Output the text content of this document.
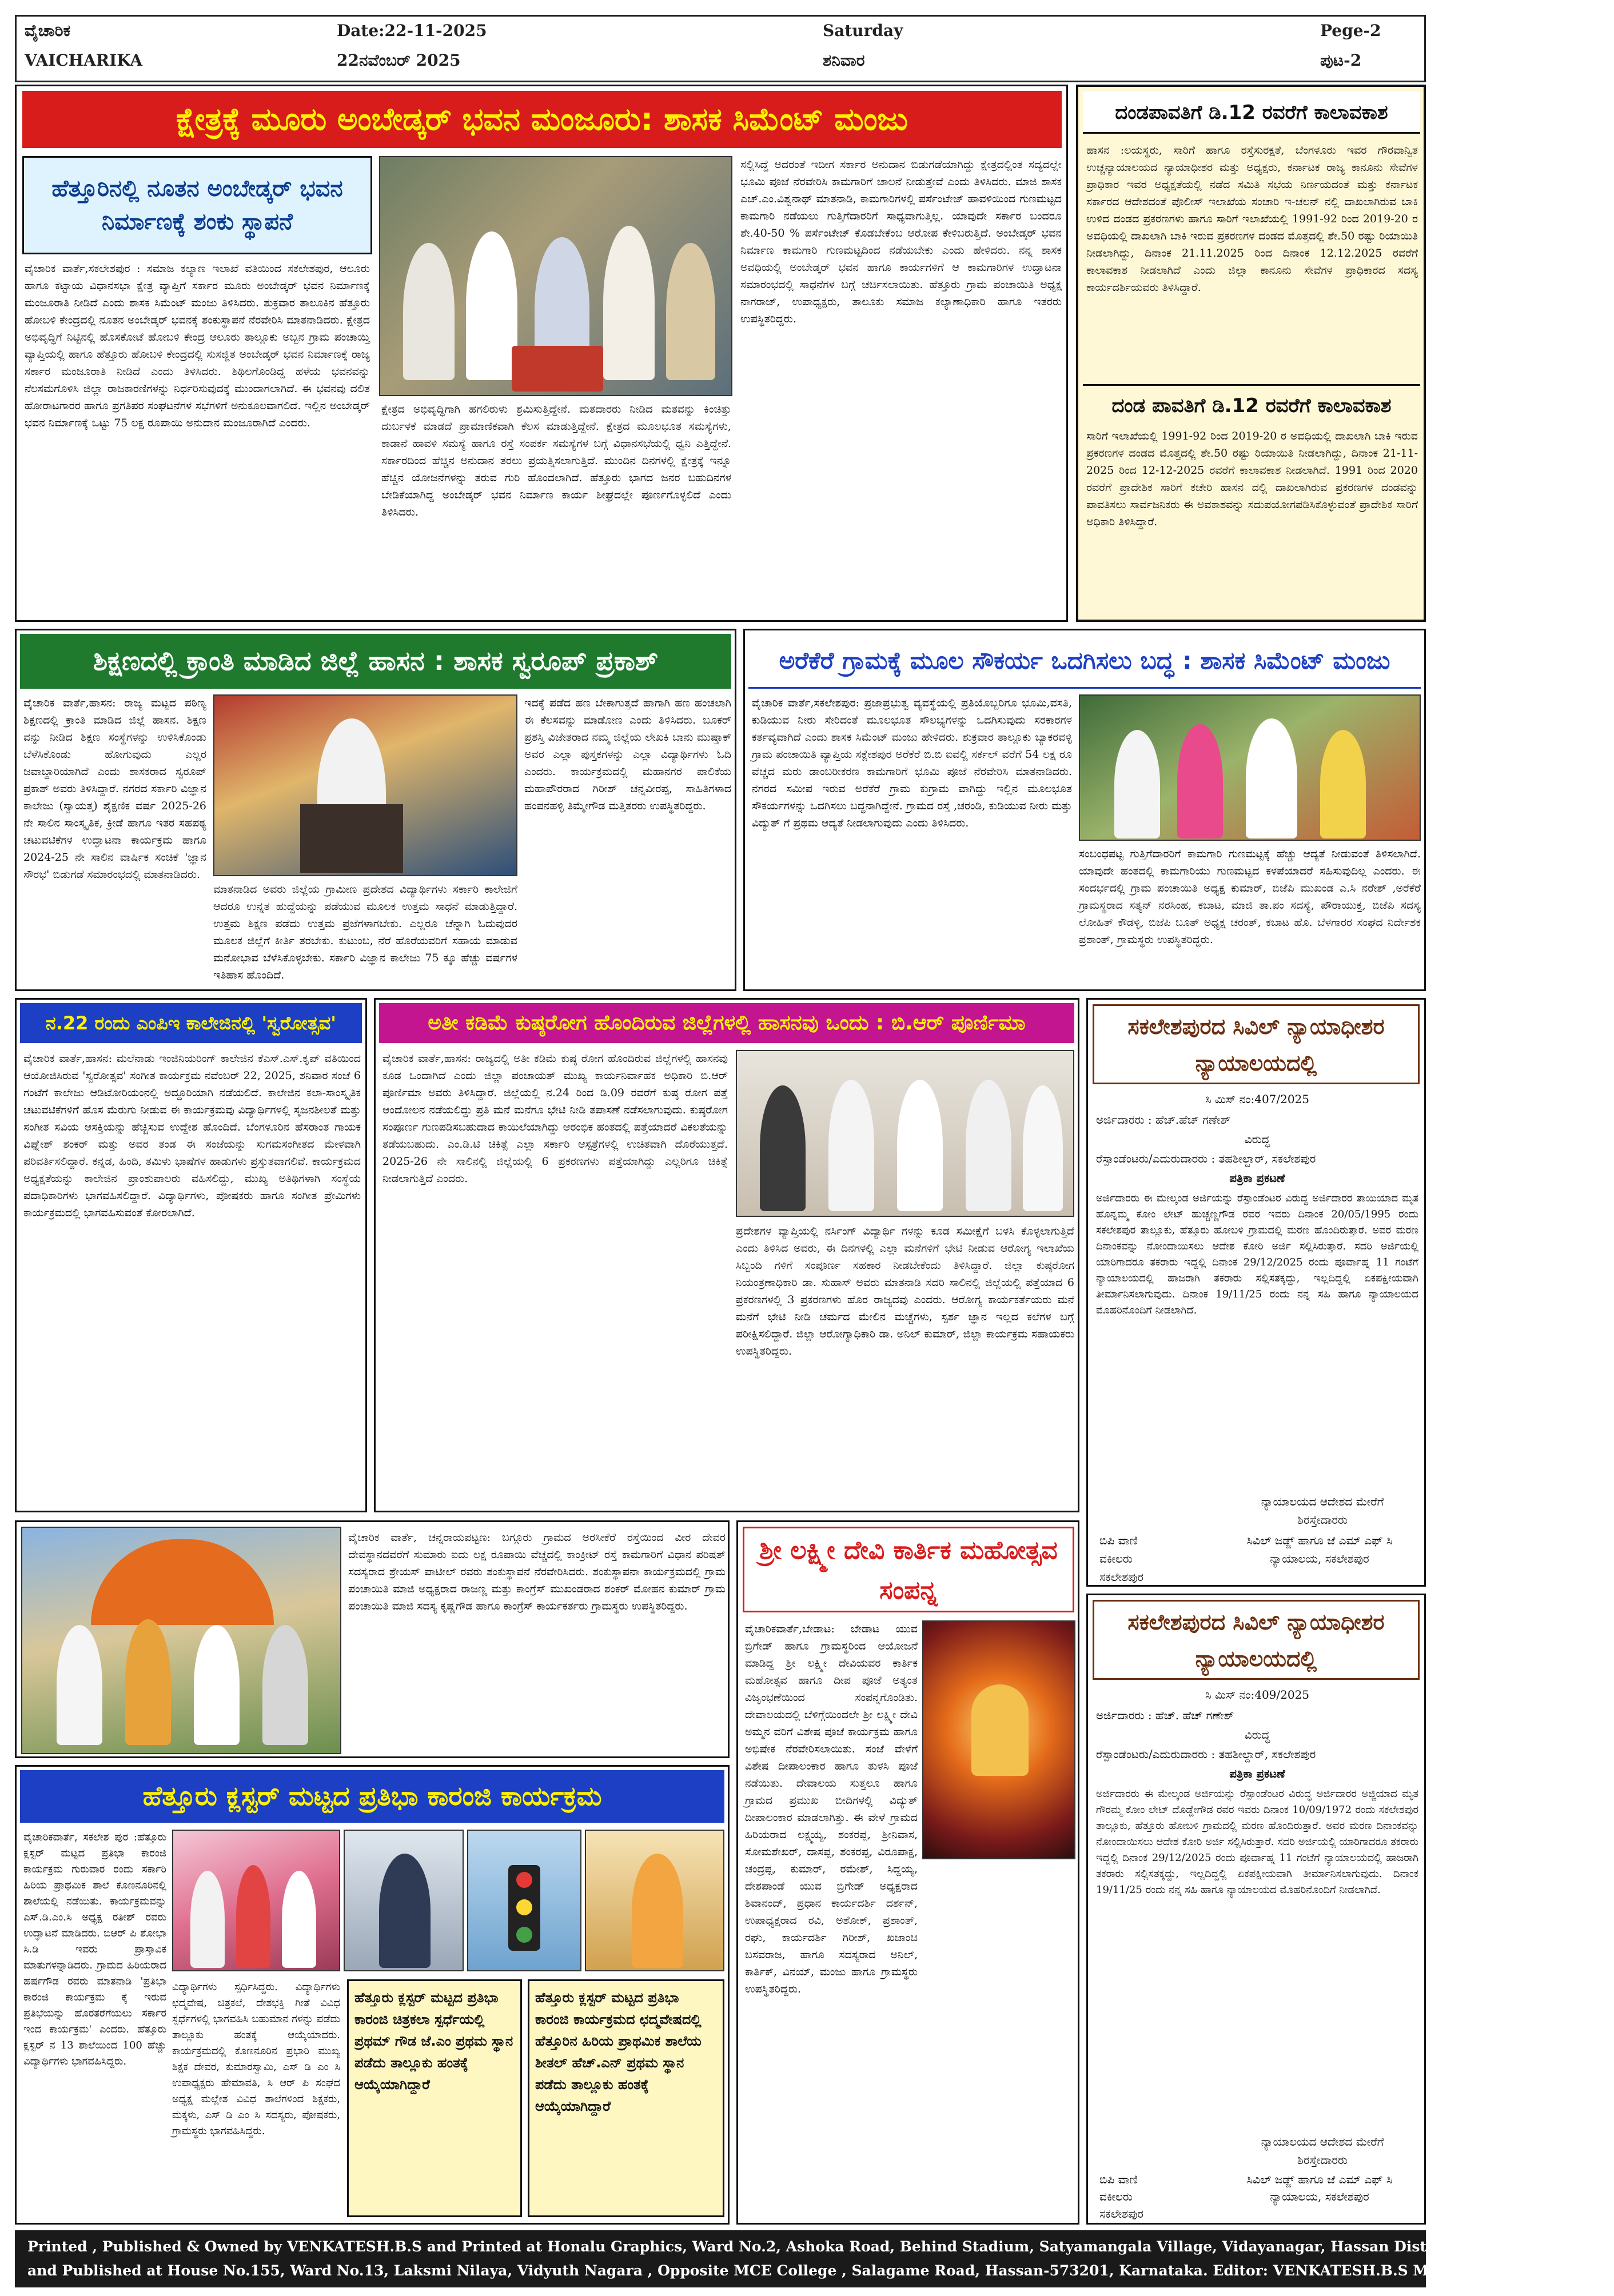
ವೈಚಾರಿಕ
VAICHARIKA
Date:22-11-2025
22ನವೆಂಬರ್ 2025
Saturday
ಶನಿವಾರ
Pege-2
ಪುಟ-2
ಕ್ಷೇತ್ರಕ್ಕೆ ಮೂರು ಅಂಬೇಡ್ಕರ್ ಭವನ ಮಂಜೂರು: ಶಾಸಕ ಸಿಮೆಂಟ್ ಮಂಜು
ಹೆತ್ತೂರಿನಲ್ಲಿ ನೂತನ ಅಂಬೇಡ್ಕರ್ ಭವನ ನಿರ್ಮಾಣಕ್ಕೆ ಶಂಕು ಸ್ಥಾಪನೆ
ವೈಚಾರಿಕ ವಾರ್ತೆ,ಸಕಲೇಶಪುರ : ಸಮಾಜ ಕಲ್ಯಾಣ ಇಲಾಖೆ ವತಿಯಿಂದ ಸಕಲೇಶಪುರ, ಆಲೂರು ಹಾಗೂ ಕಟ್ಟಾಯ ವಿಧಾನಸಭಾ ಕ್ಷೇತ್ರ ವ್ಯಾಪ್ತಿಗೆ ಸರ್ಕಾರ ಮೂರು ಅಂಬೇಡ್ಕರ್ ಭವನ ನಿರ್ಮಾಣಕ್ಕೆ ಮಂಜೂರಾತಿ ನೀಡಿದೆ ಎಂದು ಶಾಸಕ ಸಿಮೆಂಟ್ ಮಂಜು ತಿಳಿಸಿದರು. ಶುಕ್ರವಾರ ತಾಲೂಕಿನ ಹೆತ್ತೂರು ಹೋಬಳಿ ಕೇಂದ್ರದಲ್ಲಿ ನೂತನ ಅಂಬೇಡ್ಕರ್ ಭವನಕ್ಕೆ ಶಂಕುಸ್ಥಾಪನೆ ನೆರವೇರಿಸಿ ಮಾತನಾಡಿದರು. ಕ್ಷೇತ್ರದ ಅಭಿವೃದ್ಧಿಗೆ ನಿಟ್ಟಿನಲ್ಲಿ ಹೊಸಕೋಟೆ ಹೋಬಳಿ ಕೇಂದ್ರ ಆಲೂರು ತಾಲ್ಲೂಕು ಅಬ್ಬನ ಗ್ರಾಮ ಪಂಚಾಯ್ತಿ ವ್ಯಾಪ್ತಿಯಲ್ಲಿ ಹಾಗೂ ಹೆತ್ತೂರು ಹೋಬಳಿ ಕೇಂದ್ರದಲ್ಲಿ ಸುಸಜ್ಜಿತ ಅಂಬೇಡ್ಕರ್ ಭವನ ನಿರ್ಮಾಣಕ್ಕೆ ರಾಜ್ಯ ಸರ್ಕಾರ ಮಂಜೂರಾತಿ ನೀಡಿದೆ ಎಂದು ತಿಳಿಸಿದರು. ಶಿಥಿಲಗೊಂಡಿದ್ದ ಹಳೆಯ ಭವನವನ್ನು ನೆಲಸಮಗೊಳಿಸಿ ಜಿಲ್ಲಾ ರಾಜಕಾರಣಿಗಳನ್ನು ನಿರ್ಧರಿಸುವುದಕ್ಕೆ ಮುಂದಾಗಲಾಗಿದೆ. ಈ ಭವನವು ದಲಿತ ಹೋರಾಟಗಾರರ ಹಾಗೂ ಪ್ರಗತಿಪರ ಸಂಘಟನೆಗಳ ಸಭೆಗಳಿಗೆ ಅನುಕೂಲವಾಗಲಿದೆ. ಇಲ್ಲಿನ ಅಂಬೇಡ್ಕರ್ ಭವನ ನಿರ್ಮಾಣಕ್ಕೆ ಒಟ್ಟು 75 ಲಕ್ಷ ರೂಪಾಯಿ ಅನುದಾನ ಮಂಜೂರಾಗಿದೆ ಎಂದರು.
ಕ್ಷೇತ್ರದ ಅಭಿವೃದ್ಧಿಗಾಗಿ ಹಗಲಿರುಳು ಶ್ರಮಿಸುತ್ತಿದ್ದೇನೆ. ಮತದಾರರು ನೀಡಿದ ಮತವನ್ನು ಕಿಂಚಿತ್ತು ದುರ್ಬಳಕೆ ಮಾಡದೆ ಪ್ರಾಮಾಣಿಕವಾಗಿ ಕೆಲಸ ಮಾಡುತ್ತಿದ್ದೇನೆ. ಕ್ಷೇತ್ರದ ಮೂಲಭೂತ ಸಮಸ್ಯೆಗಳು, ಕಾಡಾನೆ ಹಾವಳಿ ಸಮಸ್ಯೆ ಹಾಗೂ ರಸ್ತೆ ಸಂಪರ್ಕ ಸಮಸ್ಯೆಗಳ ಬಗ್ಗೆ ವಿಧಾನಸಭೆಯಲ್ಲಿ ಧ್ವನಿ ಎತ್ತಿದ್ದೇನೆ. ಸರ್ಕಾರದಿಂದ ಹೆಚ್ಚಿನ ಅನುದಾನ ತರಲು ಪ್ರಯತ್ನಿಸಲಾಗುತ್ತಿದೆ. ಮುಂದಿನ ದಿನಗಳಲ್ಲಿ ಕ್ಷೇತ್ರಕ್ಕೆ ಇನ್ನೂ ಹೆಚ್ಚಿನ ಯೋಜನೆಗಳನ್ನು ತರುವ ಗುರಿ ಹೊಂದಲಾಗಿದೆ. ಹೆತ್ತೂರು ಭಾಗದ ಜನರ ಬಹುದಿನಗಳ ಬೇಡಿಕೆಯಾಗಿದ್ದ ಅಂಬೇಡ್ಕರ್ ಭವನ ನಿರ್ಮಾಣ ಕಾರ್ಯ ಶೀಘ್ರದಲ್ಲೇ ಪೂರ್ಣಗೊಳ್ಳಲಿದೆ ಎಂದು ತಿಳಿಸಿದರು.
ಸಲ್ಲಿಸಿದ್ದೆ ಅದರಂತೆ ಇದೀಗ ಸರ್ಕಾರ ಅನುದಾನ ಬಿಡುಗಡೆಯಾಗಿದ್ದು ಕ್ಷೇತ್ರದಲ್ಲಿಂತ ಸದ್ಯದಲ್ಲೇ ಭೂಮಿ ಪೂಜೆ ನೆರವೇರಿಸಿ ಕಾಮಗಾರಿಗೆ ಚಾಲನೆ ನೀಡುತ್ತೇವೆ ಎಂದು ತಿಳಿಸಿದರು. ಮಾಜಿ ಶಾಸಕ ಎಚ್.ಎಂ.ವಿಶ್ವನಾಥ್ ಮಾತನಾಡಿ, ಕಾಮಗಾರಿಗಳಲ್ಲಿ ಪರ್ಸೆಂಟೇಜ್ ಹಾವಳಿಯಿಂದ ಗುಣಮಟ್ಟದ ಕಾಮಗಾರಿ ನಡೆಯಲು ಗುತ್ತಿಗೆದಾರರಿಗೆ ಸಾಧ್ಯವಾಗುತ್ತಿಲ್ಲ. ಯಾವುದೇ ಸರ್ಕಾರ ಬಂದರೂ ಶೇ.40-50 % ಪರ್ಸೆಂಟೇಜ್ ಕೊಡಬೇಕೆಂಬ ಆರೋಪ ಕೇಳಿಬರುತ್ತಿದೆ. ಅಂಬೇಡ್ಕರ್ ಭವನ ನಿರ್ಮಾಣ ಕಾಮಗಾರಿ ಗುಣಮಟ್ಟದಿಂದ ನಡೆಯಬೇಕು ಎಂದು ಹೇಳಿದರು. ನನ್ನ ಶಾಸಕ ಅವಧಿಯಲ್ಲಿ ಅಂಬೇಡ್ಕರ್ ಭವನ ಹಾಗೂ ಕಾರ್ಯಗಳಿಗೆ ಆ ಕಾಮಗಾರಿಗಳ ಉದ್ಘಾಟನಾ ಸಮಾರಂಭದಲ್ಲಿ ಸಾಧನೆಗಳ ಬಗ್ಗೆ ಚರ್ಚಿಸಲಾಯಿತು. ಹೆತ್ತೂರು ಗ್ರಾಮ ಪಂಚಾಯಿತಿ ಅಧ್ಯಕ್ಷ ನಾಗರಾಜ್, ಉಪಾಧ್ಯಕ್ಷರು, ತಾಲೂಕು ಸಮಾಜ ಕಲ್ಯಾಣಾಧಿಕಾರಿ ಹಾಗೂ ಇತರರು ಉಪಸ್ಥಿತರಿದ್ದರು.
ದಂಡಪಾವತಿಗೆ ಡಿ.12 ರವರೆಗೆ ಕಾಲಾವಕಾಶ
ಹಾಸನ :ಲಯಸ್ಥರು, ಸಾರಿಗೆ ಹಾಗೂ ರಸ್ತೆಸುರಕ್ಷತೆ, ಬೆಂಗಳೂರು ಇವರ ಗೌರವಾನ್ವಿತ ಉಚ್ಚನ್ಯಾಯಾಲಯದ ನ್ಯಾಯಾಧೀಶರ ಮತ್ತು ಅಧ್ಯಕ್ಷರು, ಕರ್ನಾಟಕ ರಾಜ್ಯ ಕಾನೂನು ಸೇವೆಗಳ ಪ್ರಾಧಿಕಾರ ಇವರ ಅಧ್ಯಕ್ಷತೆಯಲ್ಲಿ ನಡೆದ ಸಮಿತಿ ಸಭೆಯ ನಿರ್ಣಯದಂತೆ ಮತ್ತು ಕರ್ನಾಟಕ ಸರ್ಕಾರದ ಆದೇಶದಂತೆ ಪೊಲೀಸ್ ಇಲಾಖೆಯ ಸಂಚಾರಿ ಇ-ಚಲನ್ ನಲ್ಲಿ ದಾಖಲಾಗಿರುವ ಬಾಕಿ ಉಳಿದ ದಂಡದ ಪ್ರಕರಣಗಳು ಹಾಗೂ ಸಾರಿಗೆ ಇಲಾಖೆಯಲ್ಲಿ 1991-92 ರಿಂದ 2019-20 ರ ಅವಧಿಯಲ್ಲಿ ದಾಖಲಾಗಿ ಬಾಕಿ ಇರುವ ಪ್ರಕರಣಗಳ ದಂಡದ ಮೊತ್ತದಲ್ಲಿ ಶೇ.50 ರಷ್ಟು ರಿಯಾಯಿತಿ ನೀಡಲಾಗಿದ್ದು, ದಿನಾಂಕ 21.11.2025 ರಿಂದ ದಿನಾಂಕ 12.12.2025 ರವರೆಗೆ ಕಾಲಾವಕಾಶ ನೀಡಲಾಗಿದೆ ಎಂದು ಜಿಲ್ಲಾ ಕಾನೂನು ಸೇವೆಗಳ ಪ್ರಾಧಿಕಾರದ ಸದಸ್ಯ ಕಾರ್ಯದರ್ಶಿಯವರು ತಿಳಿಸಿದ್ದಾರೆ.
ದಂಡ ಪಾವತಿಗೆ ಡಿ.12 ರವರೆಗೆ ಕಾಲಾವಕಾಶ
ಸಾರಿಗೆ ಇಲಾಖೆಯಲ್ಲಿ 1991-92 ರಿಂದ 2019-20 ರ ಅವಧಿಯಲ್ಲಿ ದಾಖಲಾಗಿ ಬಾಕಿ ಇರುವ ಪ್ರಕರಣಗಳ ದಂಡದ ಮೊತ್ತದಲ್ಲಿ ಶೇ.50 ರಷ್ಟು ರಿಯಾಯಿತಿ ನೀಡಲಾಗಿದ್ದು, ದಿನಾಂಕ 21-11-2025 ರಿಂದ 12-12-2025 ರವರೆಗೆ ಕಾಲಾವಕಾಶ ನೀಡಲಾಗಿದೆ. 1991 ರಿಂದ 2020 ರವರೆಗೆ ಪ್ರಾದೇಶಿಕ ಸಾರಿಗೆ ಕಚೇರಿ ಹಾಸನ ದಲ್ಲಿ ದಾಖಲಾಗಿರುವ ಪ್ರಕರಣಗಳ ದಂಡವನ್ನು ಪಾವತಿಸಲು ಸಾರ್ವಜನಿಕರು ಈ ಅವಕಾಶವನ್ನು ಸದುಪಯೋಗಪಡಿಸಿಕೊಳ್ಳುವಂತೆ ಪ್ರಾದೇಶಿಕ ಸಾರಿಗೆ ಅಧಿಕಾರಿ ತಿಳಿಸಿದ್ದಾರೆ.
ಶಿಕ್ಷಣದಲ್ಲಿ ಕ್ರಾಂತಿ ಮಾಡಿದ ಜಿಲ್ಲೆ ಹಾಸನ : ಶಾಸಕ ಸ್ವರೂಪ್ ಪ್ರಕಾಶ್
ವೈಚಾರಿಕ ವಾರ್ತೆ,ಹಾಸನ: ರಾಜ್ಯ ಮಟ್ಟದ ಪಠಿಣ್ಯ ಶಿಕ್ಷಣದಲ್ಲಿ ಕ್ರಾಂತಿ ಮಾಡಿದ ಜಿಲ್ಲೆ ಹಾಸನ. ಶಿಕ್ಷಣ ವನ್ನು ನೀಡಿದ ಶಿಕ್ಷಣ ಸಂಸ್ಥೆಗಳನ್ನು ಉಳಿಸಿಕೊಂಡು ಬೆಳೆಸಿಕೊಂಡು ಹೋಗುವುದು ಎಲ್ಲರ ಜವಾಬ್ದಾರಿಯಾಗಿದೆ ಎಂದು ಶಾಸಕರಾದ ಸ್ವರೂಪ್ ಪ್ರಕಾಶ್ ಅವರು ತಿಳಿಸಿದ್ದಾರೆ. ನಗರದ ಸರ್ಕಾರಿ ವಿಜ್ಞಾನ ಕಾಲೇಜು (ಸ್ವಾಯತ್ತ) ಶೈಕ್ಷಣಿಕ ವರ್ಷ 2025-26 ನೇ ಸಾಲಿನ ಸಾಂಸ್ಕೃತಿಕ, ಕ್ರೀಡೆ ಹಾಗೂ ಇತರ ಸಹಪಠ್ಯ ಚಟುವಟಿಕೆಗಳ ಉದ್ಘಾಟನಾ ಕಾರ್ಯಕ್ರಮ ಹಾಗೂ 2024-25 ನೇ ಸಾಲಿನ ವಾರ್ಷಿಕ ಸಂಚಿಕೆ 'ಜ್ಞಾನ ಸೌರಭ' ಬಿಡುಗಡೆ ಸಮಾರಂಭದಲ್ಲಿ ಮಾತನಾಡಿದರು.
ಮಾತನಾಡಿದ ಅವರು ಜಿಲ್ಲೆಯ ಗ್ರಾಮೀಣ ಪ್ರದೇಶದ ವಿದ್ಯಾರ್ಥಿಗಳು ಸರ್ಕಾರಿ ಕಾಲೇಜಿಗೆ ಆದರೂ ಉನ್ನತ ಹುದ್ದೆಯನ್ನು ಪಡೆಯುವ ಮೂಲಕ ಉತ್ತಮ ಸಾಧನೆ ಮಾಡುತ್ತಿದ್ದಾರೆ. ಉತ್ತಮ ಶಿಕ್ಷಣ ಪಡೆದು ಉತ್ತಮ ಪ್ರಜೆಗಳಾಗಬೇಕು. ಎಲ್ಲರೂ ಚೆನ್ನಾಗಿ ಓದುವುದರ ಮೂಲಕ ಜಿಲ್ಲೆಗೆ ಕೀರ್ತಿ ತರಬೇಕು. ಕುಟುಂಬ, ನೆರೆ ಹೊರೆಯವರಿಗೆ ಸಹಾಯ ಮಾಡುವ ಮನೋಭಾವ ಬೆಳೆಸಿಕೊಳ್ಳಬೇಕು. ಸರ್ಕಾರಿ ವಿಜ್ಞಾನ ಕಾಲೇಜು 75 ಕ್ಕೂ ಹೆಚ್ಚು ವರ್ಷಗಳ ಇತಿಹಾಸ ಹೊಂದಿದೆ.
ಇದಕ್ಕೆ ಪಡೆದ ಹಣ ಬೇಕಾಗುತ್ತದೆ ಹಾಗಾಗಿ ಹಣ ಹಂಚಲಾಗಿ ಈ ಕೆಲಸವನ್ನು ಮಾಡೋಣ ಎಂದು ತಿಳಿಸಿದರು. ಬೂಕರ್ ಪ್ರಶಸ್ತಿ ವಿಜೇತರಾದ ನಮ್ಮ ಜಿಲ್ಲೆಯ ಲೇಖಕಿ ಬಾನು ಮುಷ್ತಾಕ್ ಅವರ ಎಲ್ಲಾ ಪುಸ್ತಕಗಳನ್ನು ಎಲ್ಲಾ ವಿದ್ಯಾರ್ಥಿಗಳು ಓದಿ ಎಂದರು. ಕಾರ್ಯಕ್ರಮದಲ್ಲಿ ಮಹಾನಗರ ಪಾಲಿಕೆಯ ಮಹಾಪೌರರಾದ ಗಿರೀಶ್ ಚನ್ನವೀರಪ್ಪ, ಸಾಹಿತಿಗಳಾದ ಹಂಪನಹಳ್ಳಿ ತಿಮ್ಮೇಗೌಡ ಮತ್ತಿತರರು ಉಪಸ್ಥಿತರಿದ್ದರು.
ಅರೆಕೆರೆ ಗ್ರಾಮಕ್ಕೆ ಮೂಲ ಸೌಕರ್ಯ ಒದಗಿಸಲು ಬದ್ಧ : ಶಾಸಕ ಸಿಮೆಂಟ್ ಮಂಜು
ವೈಚಾರಿಕ ವಾರ್ತೆ,ಸಕಲೇಶಪುರ: ಪ್ರಜಾಪ್ರಭುತ್ವ ವ್ಯವಸ್ಥೆಯಲ್ಲಿ ಪ್ರತಿಯೊಬ್ಬರಿಗೂ ಭೂಮಿ,ವಸತಿ, ಕುಡಿಯುವ ನೀರು ಸೇರಿದಂತೆ ಮೂಲಭೂತ ಸೌಲಭ್ಯಗಳನ್ನು ಒದಗಿಸುವುದು ಸರಕಾರಗಳ ಕರ್ತವ್ಯವಾಗಿದೆ ಎಂದು ಶಾಸಕ ಸಿಮೆಂಟ್ ಮಂಜು ಹೇಳಿದರು. ಶುಕ್ರವಾರ ತಾಲ್ಲೂಕು ಬ್ಯಾಕರವಳ್ಳಿ ಗ್ರಾಮ ಪಂಚಾಯಿತಿ ವ್ಯಾಪ್ತಿಯ ಸಕ್ಲೇಶಪುರ ಅರೆಕೆರೆ ಬಿ.ಬಿ ಐವಲ್ಲಿ ಸರ್ಕಲ್ ವರೆಗೆ 54 ಲಕ್ಷ ರೂ ವೆಚ್ಚದ ಮರು ಡಾಂಬರೀಕರಣ ಕಾಮಗಾರಿಗೆ ಭೂಮಿ ಪೂಜೆ ನೆರವೇರಿಸಿ ಮಾತನಾಡಿದರು. ನಗರದ ಸಮೀಪ ಇರುವ ಅರೆಕೆರೆ ಗ್ರಾಮ ಕುಗ್ರಾಮ ವಾಗಿದ್ದು ಇಲ್ಲಿನ ಮೂಲಭೂತ ಸೌಕರ್ಯಗಳನ್ನು ಒದಗಿಸಲು ಬದ್ಧನಾಗಿದ್ದೇನೆ. ಗ್ರಾಮದ ರಸ್ತೆ ,ಚರಂಡಿ, ಕುಡಿಯುವ ನೀರು ಮತ್ತು ವಿದ್ಯುತ್ ಗೆ ಪ್ರಥಮ ಆದ್ಯತೆ ನೀಡಲಾಗುವುದು ಎಂದು ತಿಳಿಸಿದರು.
ಸಂಬಂಧಪಟ್ಟ ಗುತ್ತಿಗೆದಾರರಿಗೆ ಕಾಮಗಾರಿ ಗುಣಮಟ್ಟಕ್ಕೆ ಹೆಚ್ಚು ಆದ್ಯತೆ ನೀಡುವಂತೆ ತಿಳಿಸಲಾಗಿದೆ. ಯಾವುದೇ ಹಂತದಲ್ಲಿ ಕಾಮಗಾರಿಯು ಗುಣಮಟ್ಟದ ಕಳಪೆಯಾದರೆ ಸಹಿಸುವುದಿಲ್ಲ ಎಂದರು. ಈ ಸಂದರ್ಭದಲ್ಲಿ ಗ್ರಾಮ ಪಂಚಾಯಿತಿ ಅಧ್ಯಕ್ಷ ಕುಮಾರ್, ಬಿಜೆಪಿ ಮುಖಂಡ ಎ.ಸಿ ನರೇಶ್ ,ಅರೆಕೆರೆ ಗ್ರಾಮಸ್ಥರಾದ ಸತ್ಯನ್ ನರಸಿಂಹ, ಕಬಾಟ, ಮಾಜಿ ತಾ.ಪಂ ಸದಸ್ಯೆ, ಪೌರಾಯುಕ್ತ, ಬಿಜೆಪಿ ಸದಸ್ಯ ಲೋಹಿತ್ ಕೌಡಳ್ಳಿ, ಬಿಜೆಪಿ ಬೂತ್ ಅಧ್ಯಕ್ಷ ಚರಂತ್, ಕಬಾಟ ಹೊ. ಬೆಳಗಾರರ ಸಂಘದ ನಿರ್ದೇಶಕ ಪ್ರಶಾಂತ್, ಗ್ರಾಮಸ್ಥರು ಉಪಸ್ಥಿತರಿದ್ದರು.
ನ.22 ರಂದು ಎಂಪಿಇ ಕಾಲೇಜಿನಲ್ಲಿ 'ಸ್ವರೋತ್ಸವ'
ವೈಚಾರಿಕ ವಾರ್ತೆ,ಹಾಸನ: ಮಲೆನಾಡು ಇಂಜಿನಿಯರಿಂಗ್ ಕಾಲೇಜಿನ ಕೆಎಸ್.ಎಸ್.ಕೃಪ್ ವತಿಯಿಂದ ಆಯೋಜಿಸಿರುವ 'ಸ್ವರೋತ್ಸವ' ಸಂಗೀತ ಕಾರ್ಯಕ್ರಮ ನವೆಂಬರ್ 22, 2025, ಶನಿವಾರ ಸಂಜೆ 6 ಗಂಟೆಗೆ ಕಾಲೇಜು ಆಡಿಟೋರಿಯಂನಲ್ಲಿ ಅದ್ದೂರಿಯಾಗಿ ನಡೆಯಲಿದೆ. ಕಾಲೇಜಿನ ಕಲಾ-ಸಾಂಸ್ಕೃತಿಕ ಚಟುವಟಿಕೆಗಳಿಗೆ ಹೊಸ ಮೆರುಗು ನೀಡುವ ಈ ಕಾರ್ಯಕ್ರಮವು ವಿದ್ಯಾರ್ಥಿಗಳಲ್ಲಿ ಸೃಜನಶೀಲತೆ ಮತ್ತು ಸಂಗೀತ ಸವಿಯ ಆಸಕ್ತಿಯನ್ನು ಹೆಚ್ಚಿಸುವ ಉದ್ದೇಶ ಹೊಂದಿದೆ. ಬೆಂಗಳೂರಿನ ಹೆಸರಾಂತ ಗಾಯಕ ವಿಘ್ನೇಶ್ ಶಂಕರ್ ಮತ್ತು ಅವರ ತಂಡ ಈ ಸಂಜೆಯನ್ನು ಸುಗಮಸಂಗೀತದ ಮೇಳವಾಗಿ ಪರಿವರ್ತಿಸಲಿದ್ದಾರೆ. ಕನ್ನಡ, ಹಿಂದಿ, ತಮಿಳು ಭಾಷೆಗಳ ಹಾಡುಗಳು ಪ್ರಸ್ತುತವಾಗಲಿವೆ. ಕಾರ್ಯಕ್ರಮದ ಅಧ್ಯಕ್ಷತೆಯನ್ನು ಕಾಲೇಜಿನ ಪ್ರಾಂಶುಪಾಲರು ವಹಿಸಲಿದ್ದು, ಮುಖ್ಯ ಅತಿಥಿಗಳಾಗಿ ಸಂಸ್ಥೆಯ ಪದಾಧಿಕಾರಿಗಳು ಭಾಗವಹಿಸಲಿದ್ದಾರೆ. ವಿದ್ಯಾರ್ಥಿಗಳು, ಪೋಷಕರು ಹಾಗೂ ಸಂಗೀತ ಪ್ರೇಮಿಗಳು ಕಾರ್ಯಕ್ರಮದಲ್ಲಿ ಭಾಗವಹಿಸುವಂತೆ ಕೋರಲಾಗಿದೆ.
ಅತೀ ಕಡಿಮೆ ಕುಷ್ಠರೋಗ ಹೊಂದಿರುವ ಜಿಲ್ಲೆಗಳಲ್ಲಿ ಹಾಸನವು ಒಂದು : ಬಿ.ಆರ್ ಪೂರ್ಣಿಮಾ
ವೈಚಾರಿಕ ವಾರ್ತೆ,ಹಾಸನ: ರಾಜ್ಯದಲ್ಲಿ ಅತೀ ಕಡಿಮೆ ಕುಷ್ಠ ರೋಗ ಹೊಂದಿರುವ ಜಿಲ್ಲೆಗಳಲ್ಲಿ ಹಾಸನವು ಕೂಡ ಒಂದಾಗಿದೆ ಎಂದು ಜಿಲ್ಲಾ ಪಂಚಾಯತ್ ಮುಖ್ಯ ಕಾರ್ಯನಿರ್ವಾಹಕ ಅಧಿಕಾರಿ ಬಿ.ಆರ್ ಪೂರ್ಣಿಮಾ ಅವರು ತಿಳಿಸಿದ್ದಾರೆ. ಜಿಲ್ಲೆಯಲ್ಲಿ ನ.24 ರಿಂದ ಡಿ.09 ರವರೆಗೆ ಕುಷ್ಠ ರೋಗ ಪತ್ತೆ ಆಂದೋಲನ ನಡೆಯಲಿದ್ದು ಪ್ರತಿ ಮನೆ ಮನೆಗೂ ಭೇಟಿ ನೀಡಿ ತಪಾಸಣೆ ನಡೆಸಲಾಗುವುದು. ಕುಷ್ಠರೋಗ ಸಂಪೂರ್ಣ ಗುಣಪಡಿಸಬಹುದಾದ ಕಾಯಿಲೆಯಾಗಿದ್ದು ಆರಂಭಿಕ ಹಂತದಲ್ಲಿ ಪತ್ತೆಯಾದರೆ ವಿಕಲತೆಯನ್ನು ತಡೆಯಬಹುದು. ಎಂ.ಡಿ.ಟಿ ಚಿಕಿತ್ಸೆ ಎಲ್ಲಾ ಸರ್ಕಾರಿ ಆಸ್ಪತ್ರೆಗಳಲ್ಲಿ ಉಚಿತವಾಗಿ ದೊರೆಯುತ್ತದೆ. 2025-26 ನೇ ಸಾಲಿನಲ್ಲಿ ಜಿಲ್ಲೆಯಲ್ಲಿ 6 ಪ್ರಕರಣಗಳು ಪತ್ತೆಯಾಗಿದ್ದು ಎಲ್ಲರಿಗೂ ಚಿಕಿತ್ಸೆ ನೀಡಲಾಗುತ್ತಿದೆ ಎಂದರು.
ಪ್ರದೇಶಗಳ ವ್ಯಾಪ್ತಿಯಲ್ಲಿ ನರ್ಸಿಂಗ್ ವಿದ್ಯಾರ್ಥಿ ಗಳನ್ನು ಕೂಡ ಸಮೀಕ್ಷೆಗೆ ಬಳಸಿ ಕೊಳ್ಳಲಾಗುತ್ತಿದೆ ಎಂದು ತಿಳಿಸಿದ ಅವರು, ಈ ದಿನಗಳಲ್ಲಿ ಎಲ್ಲಾ ಮನೆಗಳಿಗೆ ಭೇಟಿ ನೀಡುವ ಆರೋಗ್ಯ ಇಲಾಖೆಯ ಸಿಬ್ಬಂದಿ ಗಳಿಗೆ ಸಂಪೂರ್ಣ ಸಹಕಾರ ನೀಡಬೇಕೆಂದು ತಿಳಿಸಿದ್ದಾರೆ. ಜಿಲ್ಲಾ ಕುಷ್ಠರೋಗ ನಿಯಂತ್ರಣಾಧಿಕಾರಿ ಡಾ. ಸುಹಾಸ್ ಅವರು ಮಾತನಾಡಿ ಸದರಿ ಸಾಲಿನಲ್ಲಿ ಜಿಲ್ಲೆಯಲ್ಲಿ ಪತ್ತೆಯಾದ 6 ಪ್ರಕರಣಗಳಲ್ಲಿ 3 ಪ್ರಕರಣಗಳು ಹೊರ ರಾಜ್ಯದವು ಎಂದರು. ಆರೋಗ್ಯ ಕಾರ್ಯಕರ್ತೆಯರು ಮನೆ ಮನೆಗೆ ಭೇಟಿ ನೀಡಿ ಚರ್ಮದ ಮೇಲಿನ ಮಚ್ಚೆಗಳು, ಸ್ಪರ್ಶ ಜ್ಞಾನ ಇಲ್ಲದ ಕಲೆಗಳ ಬಗ್ಗೆ ಪರೀಕ್ಷಿಸಲಿದ್ದಾರೆ. ಜಿಲ್ಲಾ ಆರೋಗ್ಯಾಧಿಕಾರಿ ಡಾ. ಅನಿಲ್ ಕುಮಾರ್, ಜಿಲ್ಲಾ ಕಾರ್ಯಕ್ರಮ ಸಹಾಯಕರು ಉಪಸ್ಥಿತರಿದ್ದರು.
ಸಕಲೇಶಪುರದ ಸಿವಿಲ್ ನ್ಯಾಯಾಧೀಶರ ನ್ಯಾಯಾಲಯದಲ್ಲಿ
ಸಿ ಮಿಸ್ ನಂ:407/2025
ಅರ್ಜಿದಾರರು : ಹೆಚ್.ಹೆಚ್ ಗಣೇಶ್
ವಿರುದ್ಧ
ರೆಸ್ಪಾಂಡೆಂಟರು/ಎದುರುದಾರರು : ತಹಶೀಲ್ದಾರ್, ಸಕಲೇಶಪುರ
ಪತ್ರಿಕಾ ಪ್ರಕಟಣೆ
ಅರ್ಜಿದಾರರು ಈ ಮೇಲ್ಕಂಡ ಅರ್ಜಿಯನ್ನು ರೆಸ್ಪಾಂಡೆಂಟರ ವಿರುದ್ಧ ಅರ್ಜಿದಾರರ ತಾಯಿಯಾದ ಮೃತ ಹೊನ್ನಮ್ಮ ಕೋಂ ಲೇಟ್ ಹುಚ್ಚಣ್ಣಗೌಡ ರವರ ಇವರು ದಿನಾಂಕ 20/05/1995 ರಂದು ಸಕಲೇಶಪುರ ತಾಲ್ಲೂಕು, ಹೆತ್ತೂರು ಹೋಬಳಿ ಗ್ರಾಮದಲ್ಲಿ ಮರಣ ಹೊಂದಿರುತ್ತಾರೆ. ಅವರ ಮರಣ ದಿನಾಂಕವನ್ನು ನೋಂದಾಯಿಸಲು ಆದೇಶ ಕೋರಿ ಅರ್ಜಿ ಸಲ್ಲಿಸಿರುತ್ತಾರೆ. ಸದರಿ ಅರ್ಜಿಯಲ್ಲಿ ಯಾರಿಗಾದರೂ ತಕರಾರು ಇದ್ದಲ್ಲಿ ದಿನಾಂಕ 29/12/2025 ರಂದು ಪೂರ್ವಾಹ್ನ 11 ಗಂಟೆಗೆ ನ್ಯಾಯಾಲಯದಲ್ಲಿ ಹಾಜರಾಗಿ ತಕರಾರು ಸಲ್ಲಿಸತಕ್ಕದ್ದು, ಇಲ್ಲದಿದ್ದಲ್ಲಿ ಏಕಪಕ್ಷೀಯವಾಗಿ ತೀರ್ಮಾನಿಸಲಾಗುವುದು. ದಿನಾಂಕ 19/11/25 ರಂದು ನನ್ನ ಸಹಿ ಹಾಗೂ ನ್ಯಾಯಾಲಯದ ಮೊಹರಿನೊಂದಿಗೆ ನೀಡಲಾಗಿದೆ.
ನ್ಯಾಯಾಲಯದ ಆದೇಶದ ಮೇರೆಗೆ
ಶಿರಸ್ತೇದಾರರು
ಬಿಪಿ ವಾಣಿ
ವಕೀಲರು
ಸಕಲೇಶಪುರ
ಸಿವಿಲ್ ಜಡ್ಜ್ ಹಾಗೂ ಜೆ ಎಮ್ ಎಫ್ ಸಿ
ನ್ಯಾಯಾಲಯ, ಸಕಲೇಶಪುರ
ವೈಚಾರಿಕ ವಾರ್ತೆ, ಚನ್ನರಾಯಪಟ್ಟಣ: ಬಗ್ಗೂರು ಗ್ರಾಮದ ಅರಸೀಕೆರೆ ರಸ್ತೆಯಿಂದ ವೀರ ದೇವರ ದೇವಸ್ಥಾನದವರೆಗೆ ಸುಮಾರು ಐದು ಲಕ್ಷ ರೂಪಾಯಿ ವೆಚ್ಚದಲ್ಲಿ ಕಾಂಕ್ರೀಟ್ ರಸ್ತೆ ಕಾಮಗಾರಿಗೆ ವಿಧಾನ ಪರಿಷತ್ ಸದಸ್ಯರಾದ ಶ್ರೇಯಸ್ ಪಾಟೀಲ್ ರವರು ಶಂಕುಸ್ಥಾಪನೆ ನೆರವೇರಿಸಿದರು. ಶಂಕುಸ್ಥಾಪನಾ ಕಾರ್ಯಕ್ರಮದಲ್ಲಿ ಗ್ರಾಮ ಪಂಚಾಯಿತಿ ಮಾಜಿ ಅಧ್ಯಕ್ಷರಾದ ರಾಜಣ್ಣ ಮತ್ತು ಕಾಂಗ್ರೆಸ್ ಮುಖಂಡರಾದ ಶಂಕರ್ ಮೋಹನ ಕುಮಾರ್ ಗ್ರಾಮ ಪಂಚಾಯಿತಿ ಮಾಜಿ ಸದಸ್ಯ ಕೃಷ್ಣಗೌಡ ಹಾಗೂ ಕಾಂಗ್ರೆಸ್ ಕಾರ್ಯಕರ್ತರು ಗ್ರಾಮಸ್ಥರು ಉಪಸ್ಥಿತರಿದ್ದರು.
ಶ್ರೀ ಲಕ್ಷ್ಮೀ ದೇವಿ ಕಾರ್ತಿಕ ಮಹೋತ್ಸವ ಸಂಪನ್ನ
ವೈಚಾರಿಕವಾರ್ತೆ,ಬೇಡಾಟ: ಬೇಡಾಟ ಯುವ ಬ್ರಿಗೇಡ್ ಹಾಗೂ ಗ್ರಾಮಸ್ಥರಿಂದ ಆಯೋಜನೆ ಮಾಡಿದ್ದ ಶ್ರೀ ಲಕ್ಷ್ಮೀ ದೇವಿಯವರ ಕಾರ್ತಿಕ ಮಹೋತ್ಸವ ಹಾಗೂ ದೀಪ ಪೂಜೆ ಅತ್ಯಂತ ವಿಜೃಂಭಣೆಯಿಂದ ಸಂಪನ್ನಗೊಂಡಿತು. ದೇವಾಲಯದಲ್ಲಿ ಬೆಳಿಗ್ಗೆಯಿಂದಲೇ ಶ್ರೀ ಲಕ್ಷ್ಮೀ ದೇವಿ ಅಮ್ಮನ ವರಿಗೆ ವಿಶೇಷ ಪೂಜೆ ಕಾರ್ಯಕ್ರಮ ಹಾಗೂ ಅಭಿಷೇಕ ನೆರವೇರಿಸಲಾಯಿತು. ಸಂಜೆ ವೇಳೆಗೆ ವಿಶೇಷ ದೀಪಾಲಂಕಾರ ಹಾಗೂ ತುಳಸಿ ಪೂಜೆ ನಡೆಯಿತು. ದೇವಾಲಯ ಸುತ್ತಲೂ ಹಾಗೂ ಗ್ರಾಮದ ಪ್ರಮುಖ ಬೀದಿಗಳಲ್ಲಿ ವಿದ್ಯುತ್ ದೀಪಾಲಂಕಾರ ಮಾಡಲಾಗಿತ್ತು. ಈ ವೇಳೆ ಗ್ರಾಮದ ಹಿರಿಯರಾದ ಲಕ್ಷ್ಮಯ್ಯ, ಶಂಕರಪ್ಪ, ಶ್ರೀನಿವಾಸ, ಸೋಮಶೇಖರ್, ದಾಸಪ್ಪ, ಶಂಕರಪ್ಪ, ವಿರೂಪಾಕ್ಷ, ಚಂದ್ರಪ್ಪ, ಕುಮಾರ್, ರಮೇಶ್, ಸಿದ್ದಯ್ಯ, ದೇಶಪಾಂಡೆ ಯುವ ಬ್ರಿಗೇಡ್ ಅಧ್ಯಕ್ಷರಾದ ಶಿವಾನಂದ್, ಪ್ರಧಾನ ಕಾರ್ಯದರ್ಶಿ ದರ್ಶನ್, ಉಪಾಧ್ಯಕ್ಷರಾದ ರವಿ, ಅಶೋಕ್, ಪ್ರಶಾಂತ್, ರಘು, ಕಾರ್ಯದರ್ಶಿ ಗಿರೀಶ್, ಖಜಾಂಚಿ ಬಸವರಾಜ, ಹಾಗೂ ಸದಸ್ಯರಾದ ಅನಿಲ್, ಕಾರ್ತಿಕ್, ವಿನಯ್, ಮಂಜು ಹಾಗೂ ಗ್ರಾಮಸ್ಥರು ಉಪಸ್ಥಿತರಿದ್ದರು.
ಸಕಲೇಶಪುರದ ಸಿವಿಲ್ ನ್ಯಾಯಾಧೀಶರ ನ್ಯಾಯಾಲಯದಲ್ಲಿ
ಸಿ ಮಿಸ್ ನಂ:409/2025
ಅರ್ಜಿದಾರರು : ಹೆಚ್. ಹೆಚ್ ಗಣೇಶ್
ವಿರುದ್ಧ
ರೆಸ್ಪಾಂಡೆಂಟರು/ಎದುರುದಾರರು : ತಹಶೀಲ್ದಾರ್, ಸಕಲೇಶಪುರ
ಪತ್ರಿಕಾ ಪ್ರಕಟಣೆ
ಅರ್ಜಿದಾರರು ಈ ಮೇಲ್ಕಂಡ ಅರ್ಜಿಯನ್ನು ರೆಸ್ಪಾಂಡೆಂಟರ ವಿರುದ್ಧ ಅರ್ಜಿದಾರರ ಅಜ್ಜಿಯಾದ ಮೃತ ಗೌರಮ್ಮ ಕೋಂ ಲೇಟ್ ದೊಡ್ಡೇಗೌಡ ರವರ ಇವರು ದಿನಾಂಕ 10/09/1972 ರಂದು ಸಕಲೇಶಪುರ ತಾಲ್ಲೂಕು, ಹೆತ್ತೂರು ಹೋಬಳಿ ಗ್ರಾಮದಲ್ಲಿ ಮರಣ ಹೊಂದಿರುತ್ತಾರೆ. ಅವರ ಮರಣ ದಿನಾಂಕವನ್ನು ನೋಂದಾಯಿಸಲು ಆದೇಶ ಕೋರಿ ಅರ್ಜಿ ಸಲ್ಲಿಸಿರುತ್ತಾರೆ. ಸದರಿ ಅರ್ಜಿಯಲ್ಲಿ ಯಾರಿಗಾದರೂ ತಕರಾರು ಇದ್ದಲ್ಲಿ ದಿನಾಂಕ 29/12/2025 ರಂದು ಪೂರ್ವಾಹ್ನ 11 ಗಂಟೆಗೆ ನ್ಯಾಯಾಲಯದಲ್ಲಿ ಹಾಜರಾಗಿ ತಕರಾರು ಸಲ್ಲಿಸತಕ್ಕದ್ದು, ಇಲ್ಲದಿದ್ದಲ್ಲಿ ಏಕಪಕ್ಷೀಯವಾಗಿ ತೀರ್ಮಾನಿಸಲಾಗುವುದು. ದಿನಾಂಕ 19/11/25 ರಂದು ನನ್ನ ಸಹಿ ಹಾಗೂ ನ್ಯಾಯಾಲಯದ ಮೊಹರಿನೊಂದಿಗೆ ನೀಡಲಾಗಿದೆ.
ನ್ಯಾಯಾಲಯದ ಆದೇಶದ ಮೇರೆಗೆ
ಶಿರಸ್ತೇದಾರರು
ಬಿಪಿ ವಾಣಿ
ವಕೀಲರು
ಸಕಲೇಶಪುರ
ಸಿವಿಲ್ ಜಡ್ಜ್ ಹಾಗೂ ಜೆ ಎಮ್ ಎಫ್ ಸಿ
ನ್ಯಾಯಾಲಯ, ಸಕಲೇಶಪುರ
ಹೆತ್ತೂರು ಕ್ಲಸ್ಟರ್ ಮಟ್ಟದ ಪ್ರತಿಭಾ ಕಾರಂಜಿ ಕಾರ್ಯಕ್ರಮ
ವೈಚಾರಿಕವಾರ್ತೆ, ಸಕಲೇಶ ಪುರ :ಹೆತ್ತೂರು ಕ್ಲಸ್ಟರ್ ಮಟ್ಟದ ಪ್ರತಿಭಾ ಕಾರಂಜಿ ಕಾರ್ಯಕ್ರಮ ಗುರುವಾರ ರಂದು ಸರ್ಕಾರಿ ಹಿರಿಯ ಪ್ರಾಥಮಿಕ ಶಾಲೆ ಕೊಣನೂರಿನಲ್ಲಿ ಶಾಲೆಯಲ್ಲಿ ನಡೆಯಿತು. ಕಾರ್ಯಕ್ರಮವನ್ನು ಎಸ್.ಡಿ.ಎಂ.ಸಿ ಅಧ್ಯಕ್ಷ ರತೀಶ್ ರವರು ಉದ್ಘಾಟನೆ ಮಾಡಿದರು. ಬಿಆರ್ ಪಿ ಶೋಭಾ ಸಿ.ಡಿ ಇವರು ಪ್ರಾಸ್ತಾವಿಕ ಮಾತುಗಳನ್ನಾಡಿದರು. ಗ್ರಾಮದ ಹಿರಿಯರಾದ ಹರ್ಷಗೌಡ ರವರು ಮಾತನಾಡಿ 'ಪ್ರತಿಭಾ ಕಾರಂಜಿ ಕಾರ್ಯಕ್ರಮ ಕ್ಕೆ ಇರುವ ಪ್ರತಿಭೆಯನ್ನು ಹೊರತರೆಗೆಯಲು ಸರ್ಕಾರ ಇಂದ ಕಾರ್ಯಕ್ರಮ' ಎಂದರು. ಹೆತ್ತೂರು ಕ್ಲಸ್ಟರ್ ನ 13 ಶಾಲೆಯಿಂದ 100 ಹೆಚ್ಚು ವಿದ್ಯಾರ್ಥಿಗಳು ಭಾಗವಹಿಸಿದ್ದರು.
ವಿದ್ಯಾರ್ಥಿಗಳು ಸ್ಪರ್ಧಿಸಿದ್ದರು. ವಿದ್ಯಾರ್ಥಿಗಳು ಛದ್ಮವೇಷ, ಚಿತ್ರಕಲೆ, ದೇಶಭಕ್ತಿ ಗೀತೆ ವಿವಿಧ ಸ್ಪರ್ಧೆಗಳಲ್ಲಿ ಭಾಗವಹಿಸಿ ಬಹುಮಾನ ಗಳನ್ನು ಪಡೆದು ತಾಲ್ಲೂಕು ಹಂತಕ್ಕೆ ಆಯ್ಕೆಯಾದರು. ಕಾರ್ಯಕ್ರಮದಲ್ಲಿ ಕೊಣನೂರಿನ ಪ್ರಭಾರಿ ಮುಖ್ಯ ಶಿಕ್ಷಕ ದೇವರ, ಕುಮಾರಸ್ವಾಮಿ, ಎಸ್ ಡಿ ಎಂ ಸಿ ಉಪಾಧ್ಯಕ್ಷರು ಹೇಮಾವತಿ, ಸಿ ಆರ್ ಪಿ ಸಂಘದ ಅಧ್ಯಕ್ಷ ಮಲ್ಲೇಶ ವಿವಿಧ ಶಾಲೆಗಳಿಂದ ಶಿಕ್ಷಕರು, ಮಕ್ಕಳು, ಎಸ್ ಡಿ ಎಂ ಸಿ ಸದಸ್ಯರು, ಪೋಷಕರು, ಗ್ರಾಮಸ್ಥರು ಭಾಗವಹಿಸಿದ್ದರು.
ಹೆತ್ತೂರು ಕ್ಲಸ್ಟರ್ ಮಟ್ಟದ ಪ್ರತಿಭಾ ಕಾರಂಜಿ ಚಿತ್ರಕಲಾ ಸ್ಪರ್ಧೆಯಲ್ಲಿ ಪ್ರಥಮ್ ಗೌಡ ಜೆ.ಎಂ ಪ್ರಥಮ ಸ್ಥಾನ ಪಡೆದು ತಾಲ್ಲೂಕು ಹಂತಕ್ಕೆ ಆಯ್ಕೆಯಾಗಿದ್ದಾರೆ
ಹೆತ್ತೂರು ಕ್ಲಸ್ಟರ್ ಮಟ್ಟದ ಪ್ರತಿಭಾ ಕಾರಂಜಿ ಕಾರ್ಯಕ್ರಮದ ಛದ್ಮವೇಷದಲ್ಲಿ ಹೆತ್ತೂರಿನ ಹಿರಿಯ ಪ್ರಾಥಮಿಕ ಶಾಲೆಯ ಶೀತಲ್ ಹೆಚ್.ಎನ್ ಪ್ರಥಮ ಸ್ಥಾನ ಪಡೆದು ತಾಲ್ಲೂಕು ಹಂತಕ್ಕೆ ಆಯ್ಕೆಯಾಗಿದ್ದಾರೆ
Printed , Published & Owned by VENKATESH.B.S and Printed at Honalu Graphics, Ward No.2, Ashoka Road, Behind Stadium, Satyamangala Village, Vidayanagar, Hassan District, Karnataka-573201
and Published at House No.155, Ward No.13, Laksmi Nilaya, Vidyuth Nagara , Opposite MCE College , Salagame Road, Hassan-573201, Karnataka. Editor: VENKATESH.B.S Mob-7899533643
